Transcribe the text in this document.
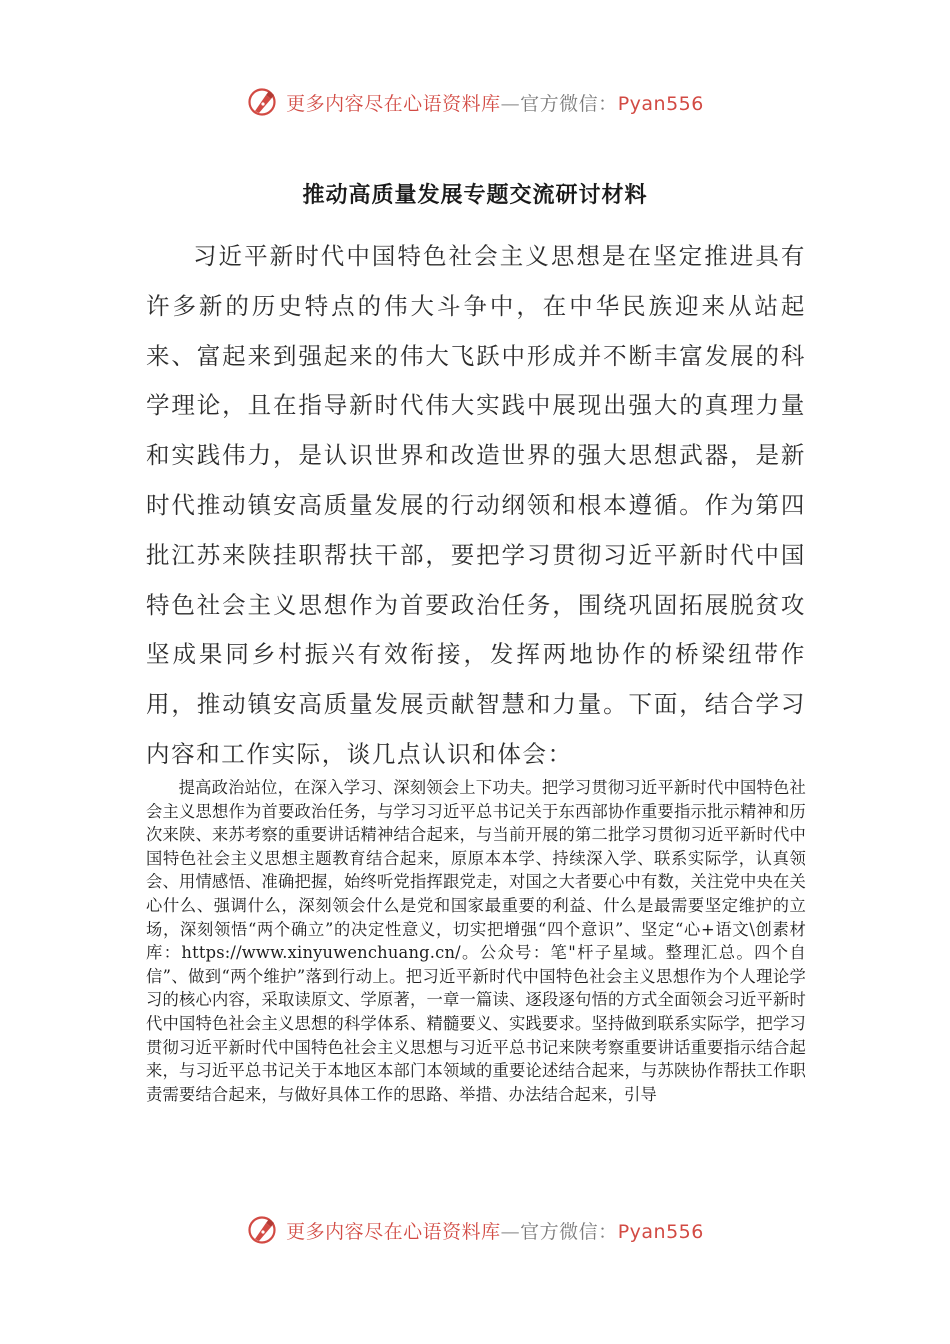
更多内容尽在心语资料库—官方微信：Pyan556
推动高质量发展专题交流研讨材料

习近平新时代中国特色社会主义思想是在坚定推进具有许多新的历史特点的伟大斗争中，在中华民族迎来从站起来、富起来到强起来的伟大飞跃中形成并不断丰富发展的科学理论，且在指导新时代伟大实践中展现出强大的真理力量和实践伟力，是认识世界和改造世界的强大思想武器，是新时代推动镇安高质量发展的行动纲领和根本遵循。作为第四批江苏来陕挂职帮扶干部，要把学习贯彻习近平新时代中国特色社会主义思想作为首要政治任务，围绕巩固拓展脱贫攻坚成果同乡村振兴有效衔接，发挥两地协作的桥梁纽带作用，推动镇安高质量发展贡献智慧和力量。下面，结合学习内容和工作实际，谈几点认识和体会：

提高政治站位，在深入学习、深刻领会上下功夫。把学习贯彻习近平新时代中国特色社会主义思想作为首要政治任务，与学习习近平总书记关于东西部协作重要指示批示精神和历次来陕、来苏考察的重要讲话精神结合起来，与当前开展的第二批学习贯彻习近平新时代中国特色社会主义思想主题教育结合起来，原原本本学、持续深入学、联系实际学，认真领会、用情感悟、准确把握，始终听党指挥跟党走，对国之大者要心中有数，关注党中央在关心什么、强调什么，深刻领会什么是党和国家最重要的利益、什么是最需要坚定维护的立场，深刻领悟“两个确立”的决定性意义，切实把增强“四个意识”、坚定“心+语文\创素材库：https://www.xinyuwenchuang.cn/。公众号：笔"杆子星域。整理汇总。四个自信”、做到“两个维护”落到行动上。把习近平新时代中国特色社会主义思想作为个人理论学习的核心内容，采取读原文、学原著，一章一篇读、逐段逐句悟的方式全面领会习近平新时代中国特色社会主义思想的科学体系、精髓要义、实践要求。坚持做到联系实际学，把学习贯彻习近平新时代中国特色社会主义思想与习近平总书记来陕考察重要讲话重要指示结合起来，与习近平总书记关于本地区本部门本领域的重要论述结合起来，与苏陕协作帮扶工作职责需要结合起来，与做好具体工作的思路、举措、办法结合起来，引导

更多内容尽在心语资料库—官方微信：Pyan556
